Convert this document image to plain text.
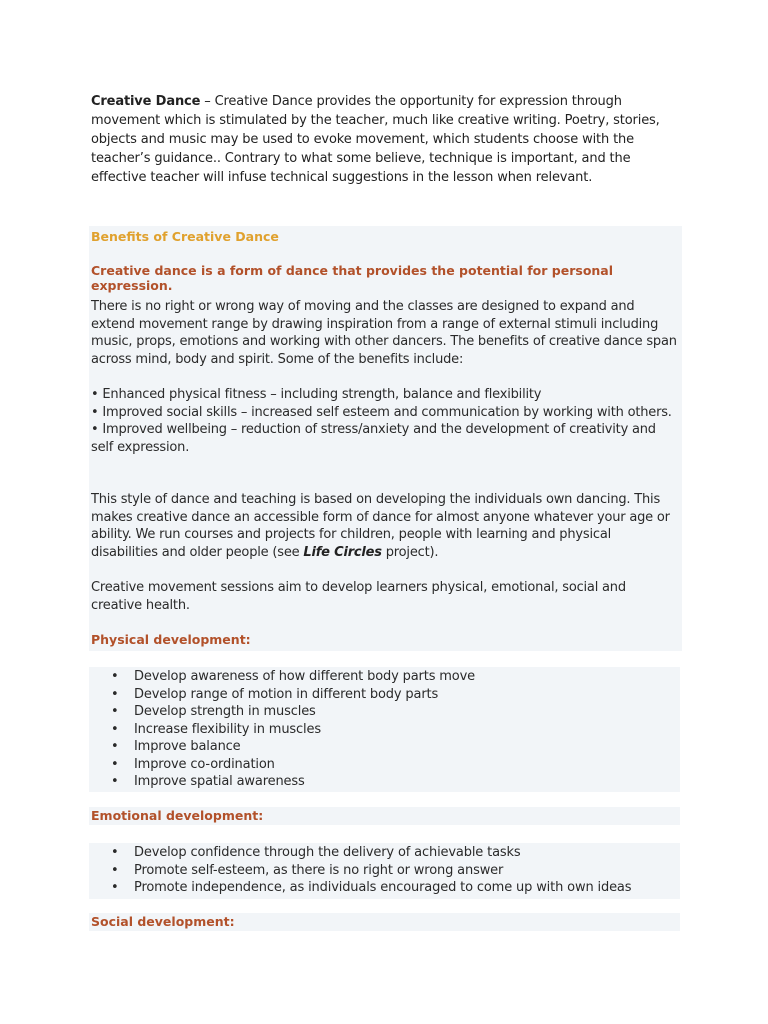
Creative Dance – Creative Dance provides the opportunity for expression through movement which is stimulated by the teacher, much like creative writing. Poetry, stories, objects and music may be used to evoke movement, which students choose with the teacher’s guidance.. Contrary to what some believe, technique is important, and the effective teacher will infuse technical suggestions in the lesson when relevant.

Benefits of Creative Dance
Creative dance is a form of dance that provides the potential for personal expression.

There is no right or wrong way of moving and the classes are designed to expand and extend movement range by drawing inspiration from a range of external stimuli including music, props, emotions and working with other dancers. The benefits of creative dance span across mind, body and spirit. Some of the benefits include:

• Enhanced physical fitness – including strength, balance and flexibility

• Improved social skills – increased self esteem and communication by working with others.

• Improved wellbeing – reduction of stress/anxiety and the development of creativity and self expression.

This style of dance and teaching is based on developing the individuals own dancing. This makes creative dance an accessible form of dance for almost anyone whatever your age or ability. We run courses and projects for children, people with learning and physical disabilities and older people (see Life Circles project).

Creative movement sessions aim to develop learners physical, emotional, social and creative health.

Physical development:
• Develop awareness of how different body parts move
• Develop range of motion in different body parts
• Develop strength in muscles
• Increase flexibility in muscles
• Improve balance
• Improve co-ordination
• Improve spatial awareness
Emotional development:
• Develop confidence through the delivery of achievable tasks
• Promote self-esteem, as there is no right or wrong answer
• Promote independence, as individuals encouraged to come up with own ideas
Social development:
